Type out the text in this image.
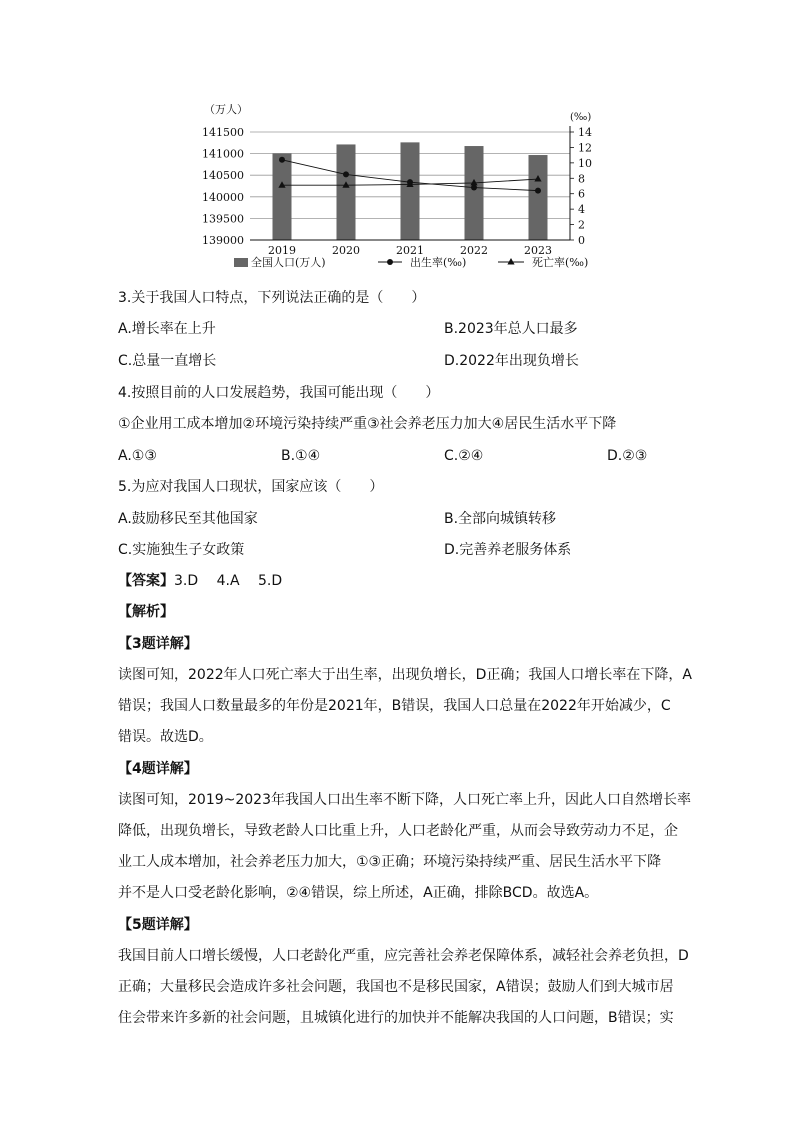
（万人）
(‰)
139000
139500
140000
140500
141000
141500
0
2
4
6
8
10
12
14
2019	2020	2021	2022	2023
全国人口(万人)	出生率(‰)	死亡率(‰)
3.关于我国人口特点，下列说法正确的是（　　）
A.增长率在上升	B.2023年总人口最多
C.总量一直增长	D.2022年出现负增长
4.按照目前的人口发展趋势，我国可能出现（　　）
①企业用工成本增加②环境污染持续严重③社会养老压力加大④居民生活水平下降
A.①③	B.①④	C.②④	D.②③
5.为应对我国人口现状，国家应该（　　）
A.鼓励移民至其他国家	B.全部向城镇转移
C.实施独生子女政策	D.完善养老服务体系
【答案】3.D　 4.A　 5.D
【解析】
【3题详解】
读图可知，2022年人口死亡率大于出生率，出现负增长，D正确；我国人口增长率在下降，A
错误；我国人口数量最多的年份是2021年，B错误，我国人口总量在2022年开始减少，C
错误。故选D。
【4题详解】
读图可知，2019~2023年我国人口出生率不断下降，人口死亡率上升，因此人口自然增长率
降低，出现负增长，导致老龄人口比重上升，人口老龄化严重，从而会导致劳动力不足，企
业工人成本增加，社会养老压力加大，①③正确；环境污染持续严重、居民生活水平下降
并不是人口受老龄化影响，②④错误，综上所述，A正确，排除BCD。故选A。
【5题详解】
我国目前人口增长缓慢，人口老龄化严重，应完善社会养老保障体系，减轻社会养老负担，D
正确；大量移民会造成许多社会问题，我国也不是移民国家，A错误；鼓励人们到大城市居
住会带来许多新的社会问题，且城镇化进行的加快并不能解决我国的人口问题，B错误；实
